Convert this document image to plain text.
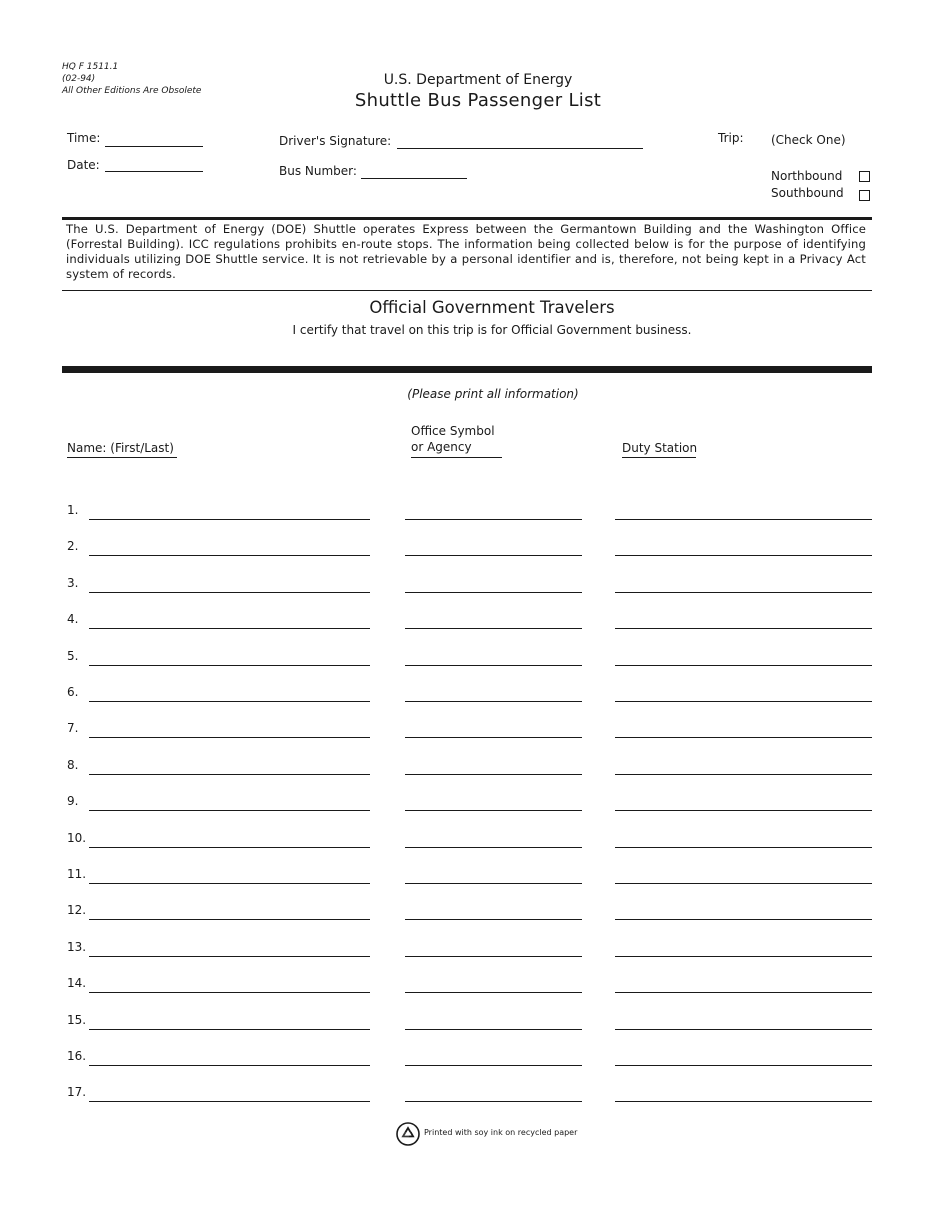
HQ F 1511.1
(02-94)
All Other Editions Are Obsolete
U.S. Department of Energy
Shuttle Bus Passenger List
Time:
Date:
Driver's Signature:
Bus Number:
Trip: (Check One)
Northbound
Southbound
The U.S. Department of Energy (DOE) Shuttle operates Express between the Germantown Building and the Washington Office (Forrestal Building). ICC regulations prohibits en-route stops. The information being collected below is for the purpose of identifying individuals utilizing DOE Shuttle service. It is not retrievable by a personal identifier and is, therefore, not being kept in a Privacy Act system of records.
Official Government Travelers
I certify that travel on this trip is for Official Government business.
(Please print all information)
Name: (First/Last)
Office Symbol
or Agency	Duty Station
1.
2.
3.
4.
5.
6.
7.
8.
9.
10.
11.
12.
13.
14.
15.
16.
17.
Printed with soy ink on recycled paper
